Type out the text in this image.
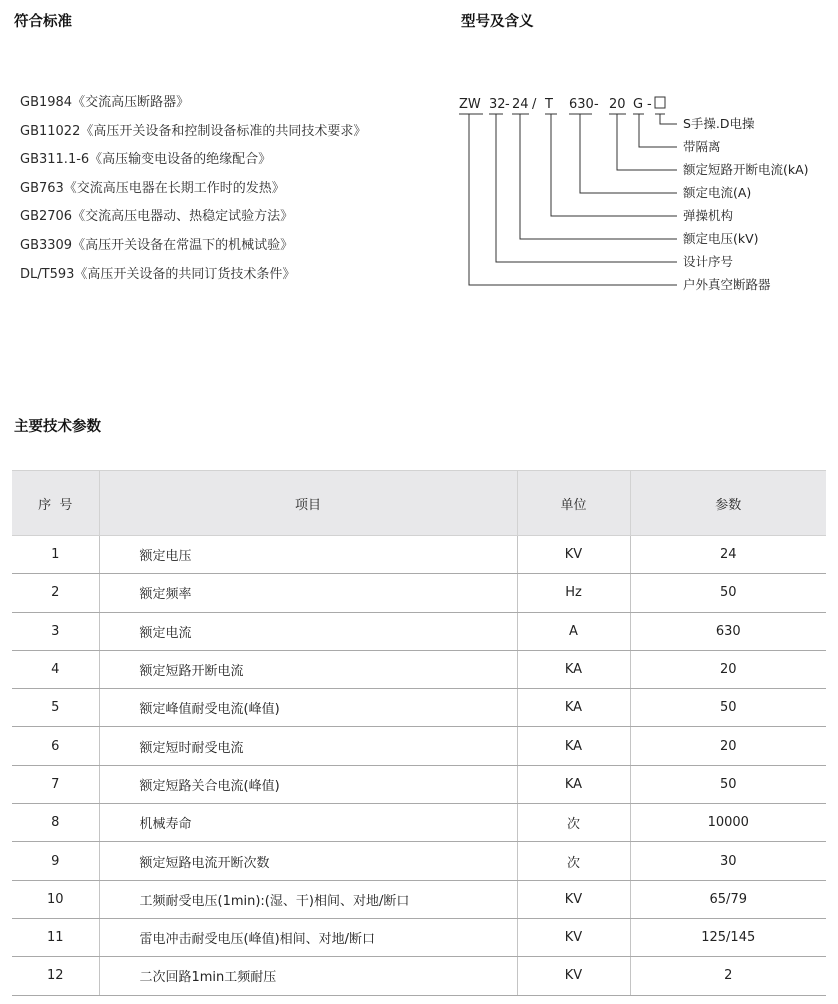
符合标准
GB1984《交流高压断路器》
GB11022《高压开关设备和控制设备标准的共同技术要求》
GB311.1-6《高压输变电设备的绝缘配合》
GB763《交流高压电器在长期工作时的发热》
GB2706《交流高压电器动、热稳定试验方法》
GB3309《高压开关设备在常温下的机械试验》
DL/T593《高压开关设备的共同订货技术条件》
型号及含义
ZW 32 - 24 / T 630 - 20 G -
S手操.D电操
带隔离
额定短路开断电流(kA)
额定电流(A)
弹操机构
额定电压(kV)
设计序号
户外真空断路器
主要技术参数
序  号	项目	单位	参数
1	额定电压	KV	24
2	额定频率	Hz	50
3	额定电流	A	630
4	额定短路开断电流	KA	20
5	额定峰值耐受电流(峰值)	KA	50
6	额定短时耐受电流	KA	20
7	额定短路关合电流(峰值)	KA	50
8	机械寿命	次	10000
9	额定短路电流开断次数	次	30
10	工频耐受电压(1min):(湿、干)相间、对地/断口	KV	65/79
11	雷电冲击耐受电压(峰值)相间、对地/断口	KV	125/145
12	二次回路1min工频耐压	KV	2
